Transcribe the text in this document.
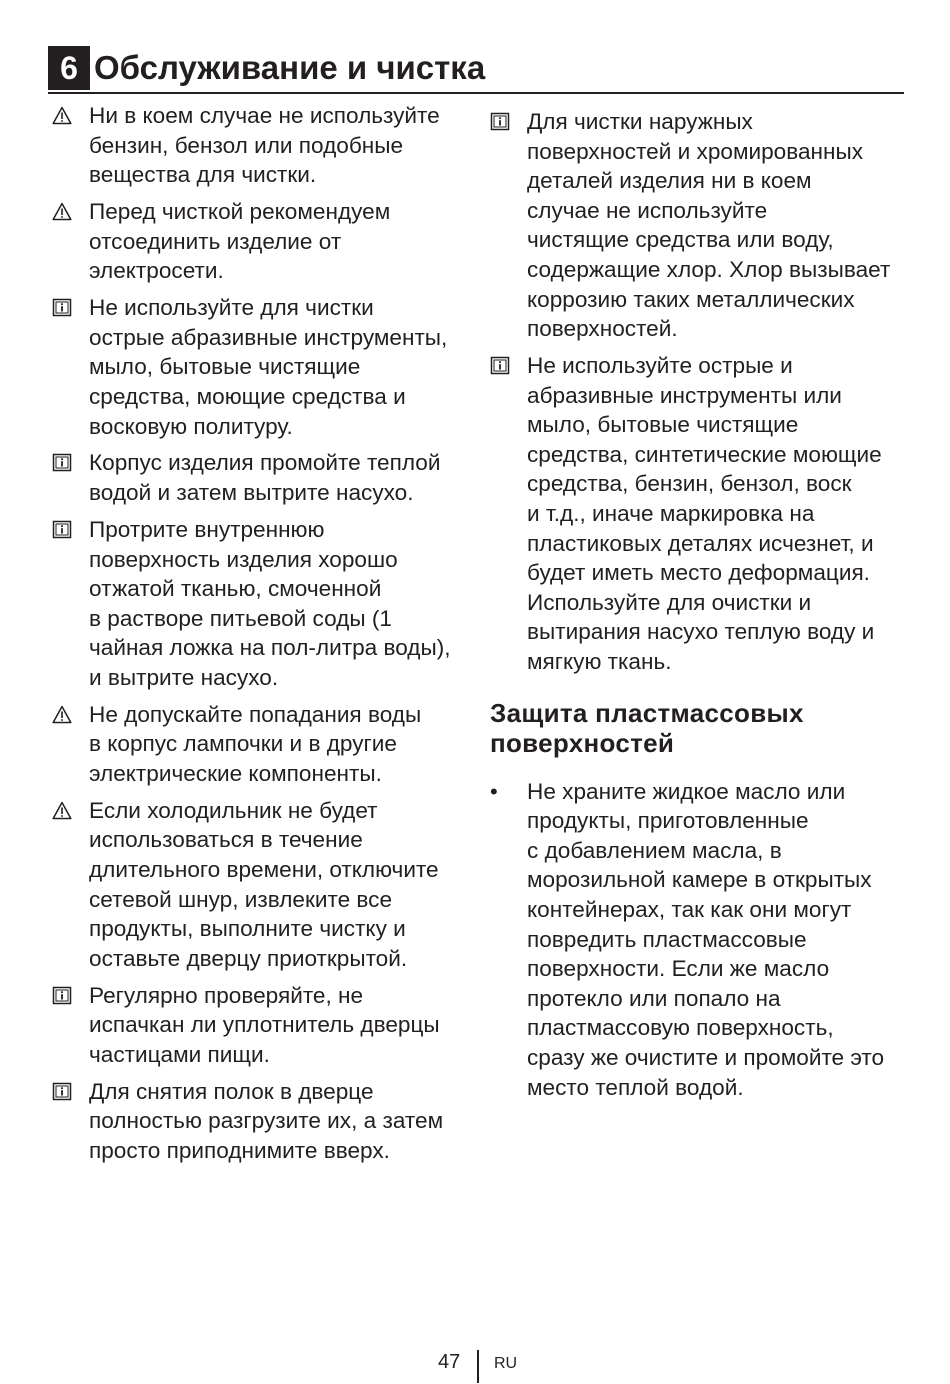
6 Обслуживание и чистка
Ни в коем случае не используйте
бензин, бензол или подобные
вещества для чистки.
Перед чисткой рекомендуем
отсоединить изделие от
электросети.
Не используйте для чистки
острые абразивные инструменты,
мыло, бытовые чистящие
средства, моющие средства и
восковую политуру.
Корпус изделия промойте теплой
водой и затем вытрите насухо.
Протрите внутреннюю
поверхность изделия хорошо
отжатой тканью, смоченной
в растворе питьевой соды (1
чайная ложка на пол-литра воды),
и вытрите насухо.
Не допускайте попадания воды
в корпус лампочки и в другие
электрические компоненты.
Если холодильник не будет
использоваться в течение
длительного времени, отключите
сетевой шнур, извлеките все
продукты, выполните чистку и
оставьте дверцу приоткрытой.
Регулярно проверяйте, не
испачкан ли уплотнитель дверцы
частицами пищи.
Для снятия полок в дверце
полностью разгрузите их, а затем
просто приподнимите вверх.
Для чистки наружных
поверхностей и хромированных
деталей изделия ни в коем
случае не используйте
чистящие средства или воду,
содержащие хлор. Хлор вызывает
коррозию таких металлических
поверхностей.
Не используйте острые и
абразивные инструменты или
мыло, бытовые чистящие
средства, синтетические моющие
средства, бензин, бензол, воск
и т.д., иначе маркировка на
пластиковых деталях исчезнет, и
будет иметь место деформация.
Используйте для очистки и
вытирания насухо теплую воду и
мягкую ткань.
Защита пластмассовых
поверхностей
•	Не храните жидкое масло или
продукты, приготовленные
с добавлением масла, в
морозильной камере в открытых
контейнерах, так как они могут
повредить пластмассовые
поверхности. Если же масло
протекло или попало на
пластмассовую поверхность,
сразу же очистите и промойте это
место теплой водой.
47 RU
